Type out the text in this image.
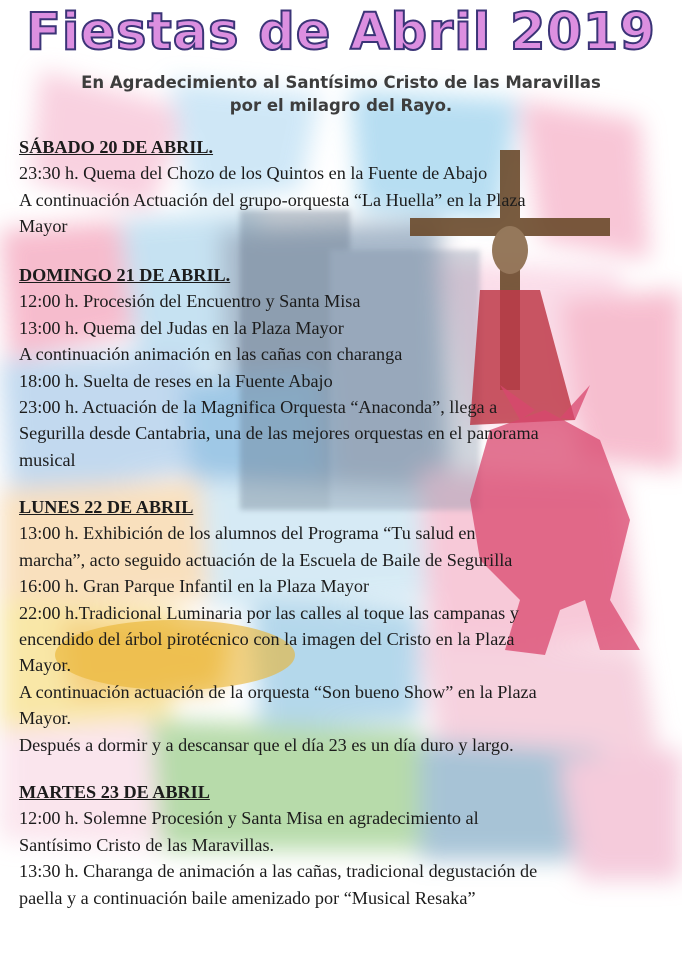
Fiestas de Abril 2019
En Agradecimiento al Santísimo Cristo de las Maravillas
por el milagro del Rayo.
SÁBADO 20 DE ABRIL.
23:30 h. Quema del Chozo de los Quintos en la Fuente de Abajo
A continuación Actuación del grupo-orquesta “La Huella” en la Plaza
Mayor
DOMINGO 21 DE ABRIL.
12:00 h. Procesión del Encuentro y Santa Misa
13:00 h. Quema del Judas en la Plaza Mayor
A continuación animación en las cañas con charanga
18:00 h. Suelta de reses en la Fuente Abajo
23:00 h. Actuación de la Magnifica Orquesta “Anaconda”, llega a
Segurilla desde Cantabria, una de las mejores orquestas en el panorama
musical
LUNES 22 DE ABRIL
13:00 h. Exhibición de los alumnos del Programa “Tu salud en
marcha”, acto seguido actuación de la Escuela de Baile de Segurilla
16:00 h. Gran Parque Infantil en la Plaza Mayor
22:00 h.Tradicional Luminaria por las calles al toque las campanas y
encendido del árbol pirotécnico con la imagen del Cristo en la Plaza
Mayor.
A continuación actuación de la orquesta “Son bueno Show” en la Plaza
Mayor.
Después a dormir y a descansar que el día 23 es un día duro y largo.
MARTES 23 DE ABRIL
12:00 h. Solemne Procesión y Santa Misa en agradecimiento al
Santísimo Cristo de las Maravillas.
13:30 h. Charanga de animación a las cañas, tradicional degustación de
paella y a continuación baile amenizado por “Musical Resaka”
